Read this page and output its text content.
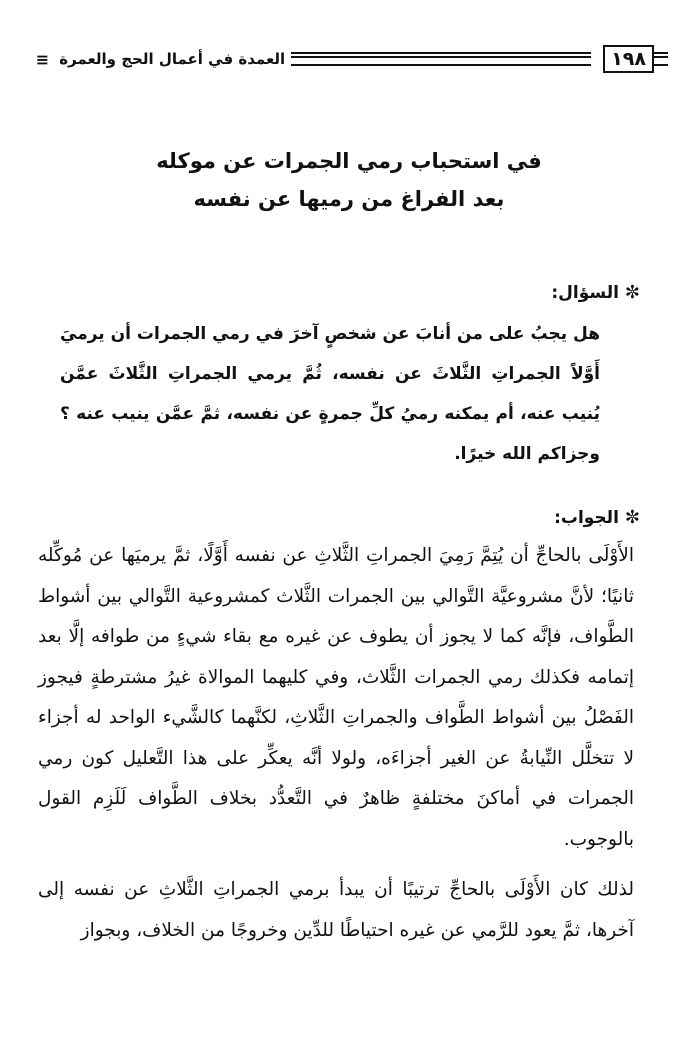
١٩٨
العمدة في أعمال الحج والعمرة
≡
في استحباب رمي الجمرات عن موكله
بعد الفراغ من رميها عن نفسه
✼السؤال:
هل يجبُ على من أنابَ عن شخصٍ آخرَ في رمي الجمرات أن يرميَ أَوَّلاً الجمراتِ الثَّلاثَ عن نفسه، ثُمَّ يرمي الجمراتِ الثَّلاثَ عمَّن يُنيب عنه، أم يمكنه رميُ كلِّ جمرةٍ عن نفسه، ثمَّ عمَّن ينيب عنه ؟ وجزاكم الله خيرًا.
✼الجواب:

الأَوْلَى بالحاجِّ أن يُتِمَّ رَمِيَ الجمراتِ الثَّلاثِ عن نفسه أَوَّلًا، ثمَّ يرميَها عن مُوكِّله ثانيًا؛ لأنَّ مشروعيَّة التَّوالي بين الجمرات الثَّلاث كمشروعية التَّوالي بين أشواط الطَّواف، فإنَّه كما لا يجوز أن يطوف عن غيره مع بقاء شيءٍ من طوافه إلَّا بعد إتمامه فكذلك رمي الجمرات الثَّلاث، وفي كليهما الموالاة غيرُ مشترطةٍ فيجوز الفَصْلُ بين أشواط الطَّواف والجمراتِ الثَّلاثِ، لكنَّهما كالشَّيء الواحد له أجزاء لا تتخلَّل النِّيابةُ عن الغير أجزاءَه، ولولا أنَّه يعكِّر على هذا التَّعليل كون رمي الجمرات في أماكنَ مختلفةٍ ظاهرٌ في التَّعدُّد بخلاف الطَّواف لَلَزِم القول بالوجوب.

لذلك كان الأَوْلَى بالحاجِّ ترتيبًا أن يبدأ برمي الجمراتِ الثَّلاثِ عن نفسه إلى آخرها، ثمَّ يعود للرَّمي عن غيره احتياطًا للدِّين وخروجًا من الخلاف، وبجواز
